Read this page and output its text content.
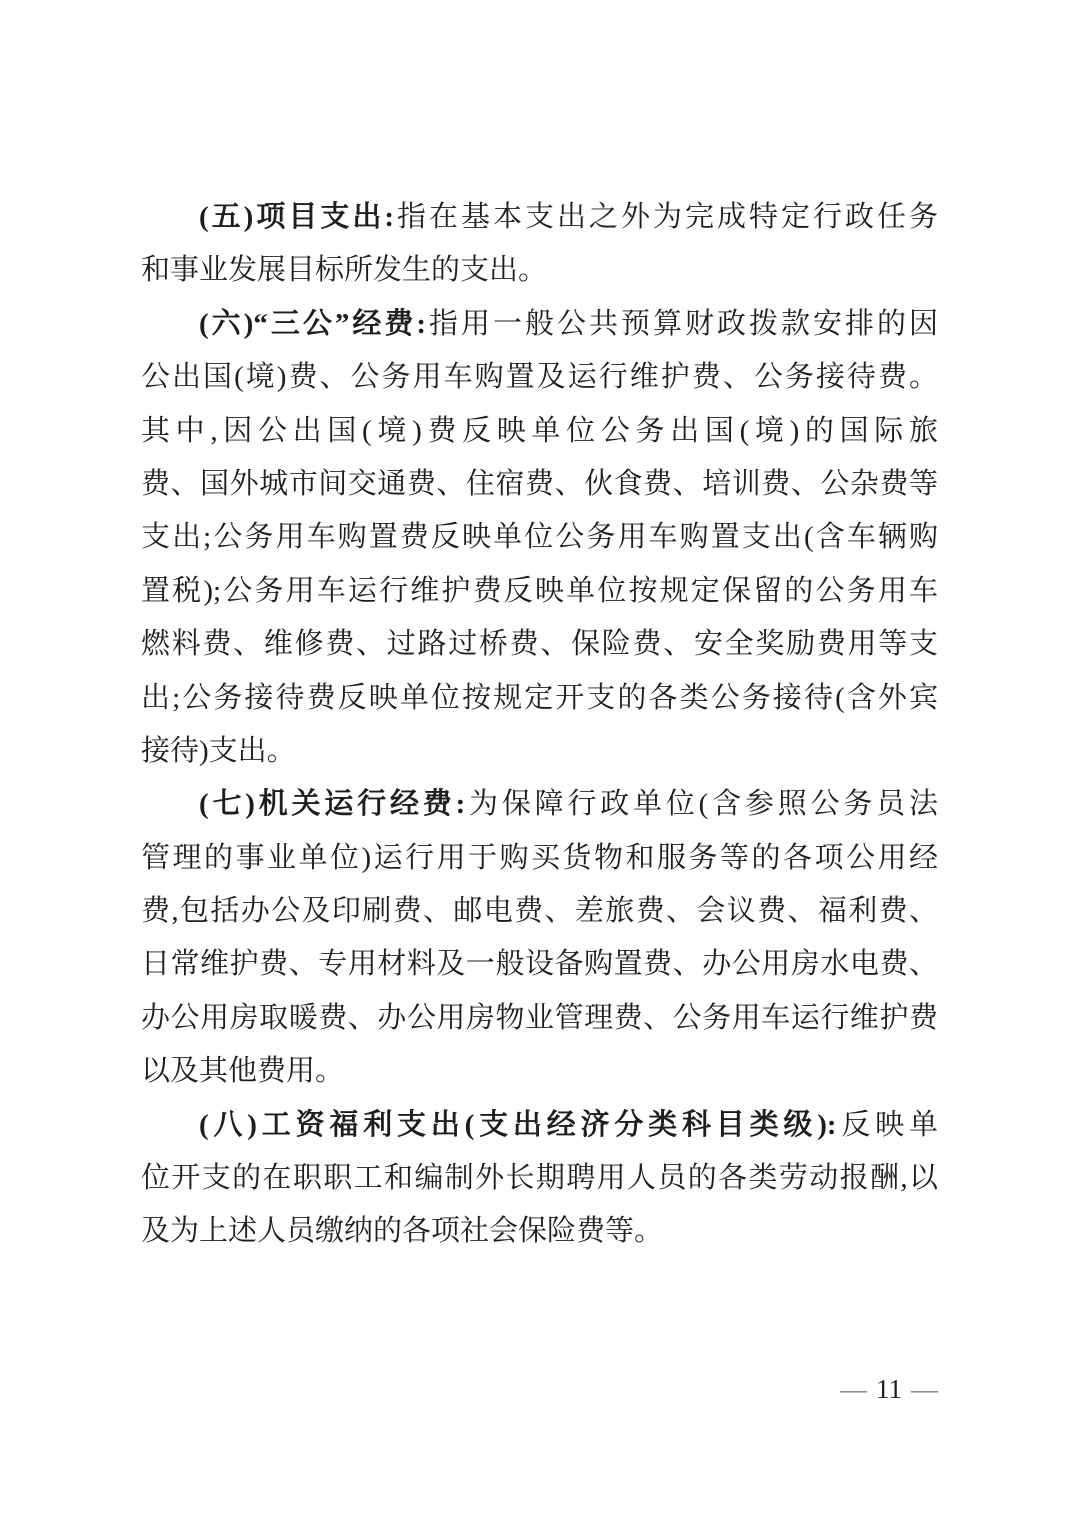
(五)项目支出:指在基本支出之外为完成特定行政任务
和事业发展目标所发生的支出。
(六)“三公”经费:指用一般公共预算财政拨款安排的因
公出国(境)费、公务用车购置及运行维护费、公务接待费。
其中,因公出国(境)费反映单位公务出国(境)的国际旅
费、国外城市间交通费、住宿费、伙食费、培训费、公杂费等
支出;公务用车购置费反映单位公务用车购置支出(含车辆购
置税);公务用车运行维护费反映单位按规定保留的公务用车
燃料费、维修费、过路过桥费、保险费、安全奖励费用等支
出;公务接待费反映单位按规定开支的各类公务接待(含外宾
接待)支出。
(七)机关运行经费:为保障行政单位(含参照公务员法
管理的事业单位)运行用于购买货物和服务等的各项公用经
费,包括办公及印刷费、邮电费、差旅费、会议费、福利费、
日常维护费、专用材料及一般设备购置费、办公用房水电费、
办公用房取暖费、办公用房物业管理费、公务用车运行维护费
以及其他费用。
(八)工资福利支出(支出经济分类科目类级):反映单
位开支的在职职工和编制外长期聘用人员的各类劳动报酬,以
及为上述人员缴纳的各项社会保险费等。
— 11 —
